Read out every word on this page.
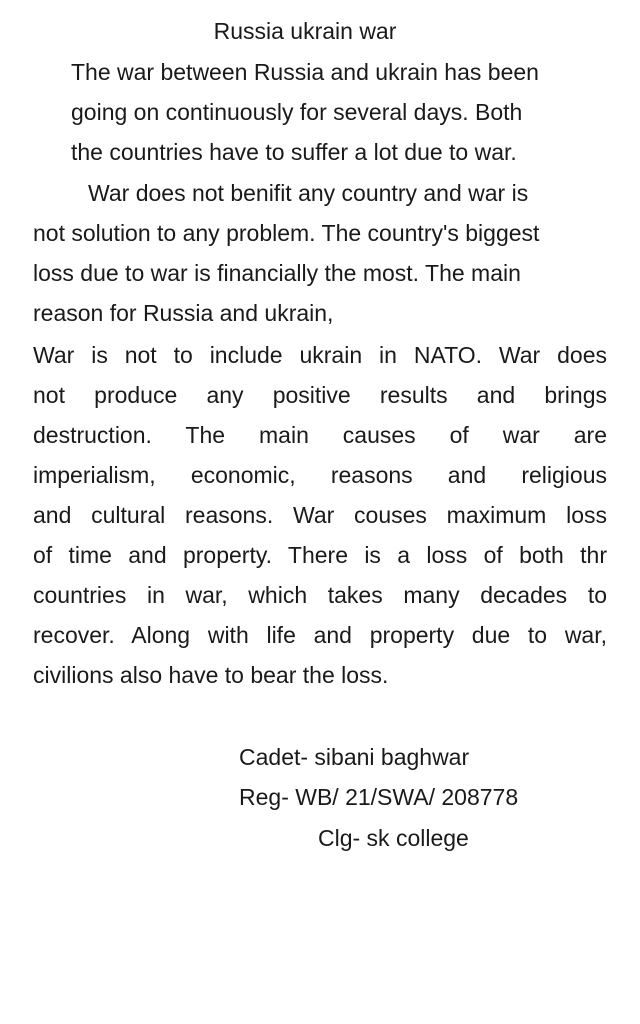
Russia ukrain war

The war between Russia and ukrain has been

going on continuously for several days. Both

the countries have to suffer a lot due to war.

War does not benifit any country and war is

not solution to any problem. The country's biggest

loss due to war is financially the most. The main

reason for Russia and ukrain,

War is not to include ukrain in NATO. War does

not produce any positive results and brings

destruction. The main causes of war are

imperialism, economic, reasons and religious

and cultural reasons. War couses maximum loss

of time and property. There is a loss of both thr

countries in war, which takes many decades to

recover. Along with life and property due to war,

civilions also have to bear the loss.

Cadet- sibani baghwar

Reg- WB/ 21/SWA/ 208778

Clg- sk college
